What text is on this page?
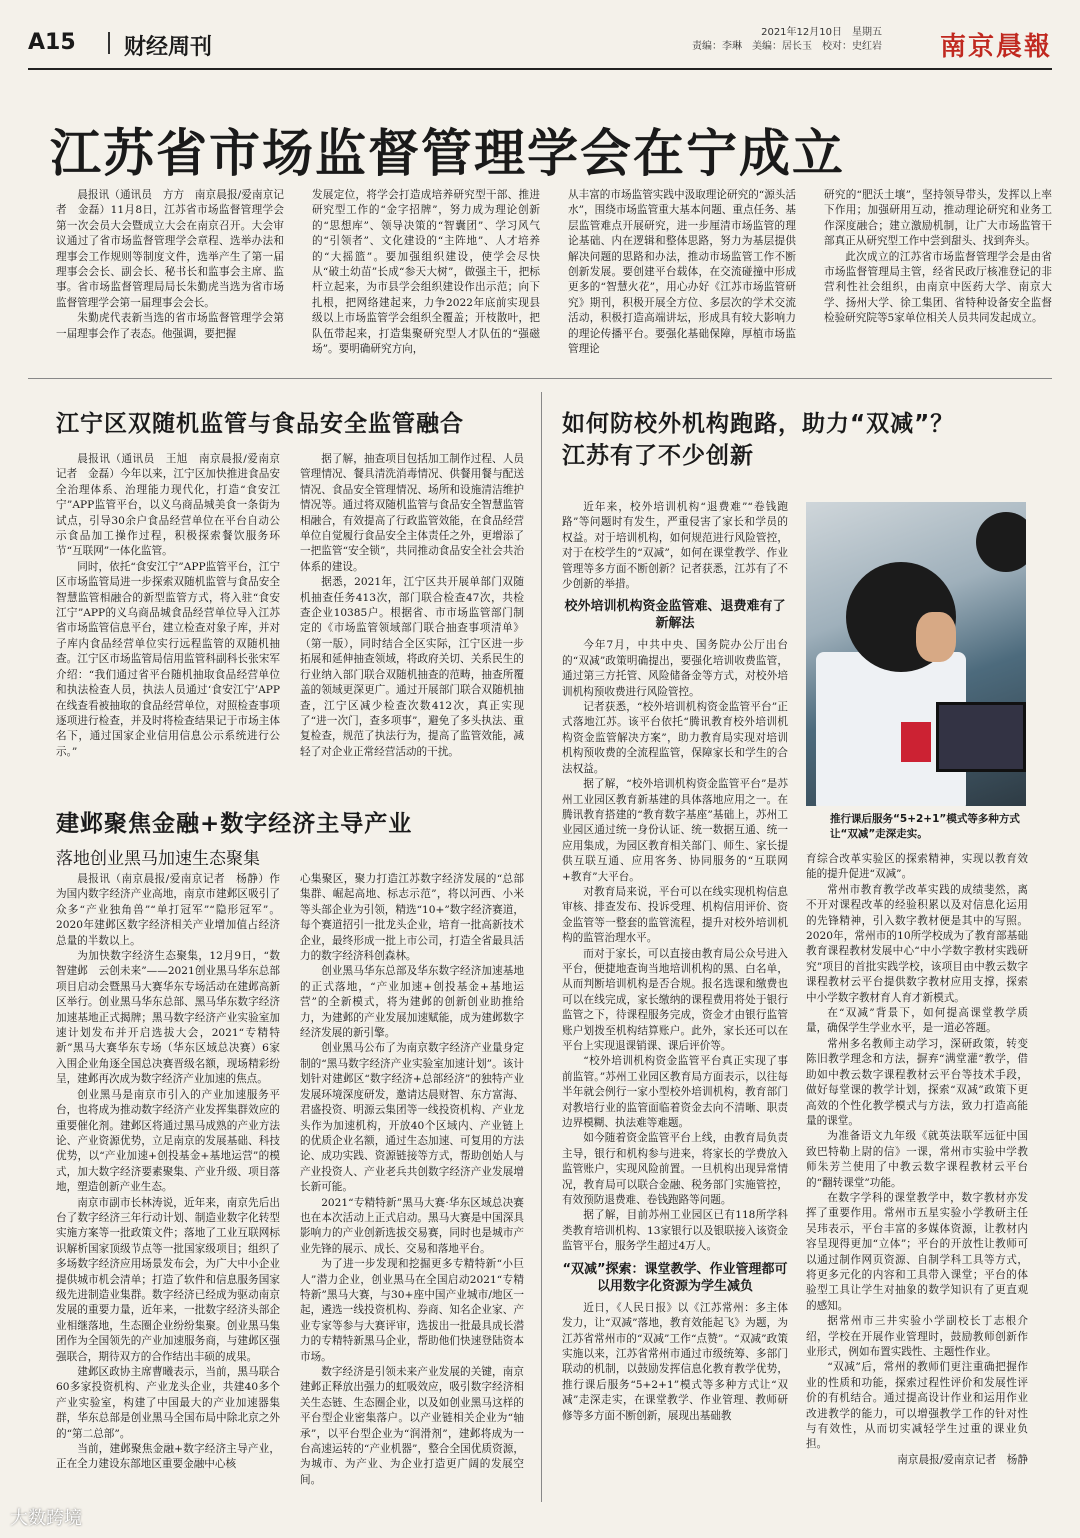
A15 财经周刊
2021年12月10日　星期五
责编：李琳　美编：居长玉　校对：史红岩 南京晨報
江苏省市场监督管理学会在宁成立

晨报讯（通讯员　方方　南京晨报/爱南京记者　金磊）11月8日，江苏省市场监督管理学会第一次会员大会暨成立大会在南京召开。大会审议通过了省市场监督管理学会章程、选举办法和理事会工作规则等制度文件，选举产生了第一届理事会会长、副会长、秘书长和监事会主席、监事。省市场监督管理局局长朱勤虎当选为省市场监督管理学会第一届理事会会长。

朱勤虎代表新当选的省市场监督管理学会第一届理事会作了表态。他强调，要把握

发展定位，将学会打造成培养研究型干部、推进研究型工作的“金字招牌”，努力成为理论创新的“思想库”、领导决策的“智囊团”、学习风气的“引领者”、文化建设的“主阵地”、人才培养的“大摇篮”。要加强组织建设，使学会尽快从“破土幼苗”长成“参天大树”，做强主干，把标杆立起来，为市县学会组织建设作出示范；向下扎根，把网络建起来，力争2022年底前实现县级以上市场监管学会组织全覆盖；开枝散叶，把队伍带起来，打造集聚研究型人才队伍的“强磁场”。要明确研究方向，

从丰富的市场监管实践中汲取理论研究的“源头活水”，围绕市场监管重大基本问题、重点任务、基层监管难点开展研究，进一步厘清市场监管的理论基础、内在逻辑和整体思路，努力为基层提供解决问题的思路和办法，推动市场监管工作不断创新发展。要创建平台载体，在交流碰撞中形成更多的“智慧火花”，用心办好《江苏市场监管研究》期刊，积极开展全方位、多层次的学术交流活动，积极打造高端讲坛，形成具有较大影响力的理论传播平台。要强化基础保障，厚植市场监管理论

研究的“肥沃土壤”，坚持领导带头，发挥以上率下作用；加强研用互动，推动理论研究和业务工作深度融合；建立激励机制，让广大市场监管干部真正从研究型工作中尝到甜头、找到奔头。

此次成立的江苏省市场监督管理学会是由省市场监督管理局主管，经省民政厅核准登记的非营利性社会组织，由南京中医药大学、南京大学、扬州大学、徐工集团、省特种设备安全监督检验研究院等5家单位相关人员共同发起成立。

江宁区双随机监管与食品安全监管融合

晨报讯（通讯员　王旭　南京晨报/爱南京记者　金磊）今年以来，江宁区加快推进食品安全治理体系、治理能力现代化，打造“食安江宁”APP监管平台，以义乌商品城美食一条街为试点，引导30余户食品经营单位在平台自动公示食品加工操作过程，积极探索餐饮服务环节“互联网”一体化监管。

同时，依托“食安江宁”APP监管平台，江宁区市场监管局进一步探索双随机监管与食品安全智慧监管相融合的新型监管方式，将入驻“食安江宁”APP的义乌商品城食品经营单位导入江苏省市场监管信息平台，建立检查对象子库，并对子库内食品经营单位实行远程监管的双随机抽查。江宁区市场监管局信用监管科副科长张宋军介绍：“我们通过省平台随机抽取食品经营单位和执法检查人员，执法人员通过‘食安江宁’APP在线查看被抽取的食品经营单位，对照检查事项逐项进行检查，并及时将检查结果记于市场主体名下，通过国家企业信用信息公示系统进行公示。”

据了解，抽查项目包括加工制作过程、人员管理情况、餐具清洗消毒情况、供餐用餐与配送情况、食品安全管理情况、场所和设施清洁维护情况等。通过将双随机监管与食品安全智慧监管相融合，有效提高了行政监管效能，在食品经营单位自觉履行食品安全主体责任之外，更增添了一把监管“安全锁”，共同推动食品安全社会共治体系的建设。

据悉，2021年，江宁区共开展单部门双随机抽查任务413次，部门联合检查47次，共检查企业10385户。根据省、市市场监管部门制定的《市场监管领域部门联合抽查事项清单》（第一版），同时结合全区实际，江宁区进一步拓展和延伸抽查领域，将政府关切、关系民生的行业纳入部门联合双随机抽查的范畴，抽查所覆盖的领域更深更广。通过开展部门联合双随机抽查，江宁区减少检查次数412次，真正实现了“进一次门，查多项事”，避免了多头执法、重复检查，规范了执法行为，提高了监管效能，减轻了对企业正常经营活动的干扰。

建邺聚焦金融+数字经济主导产业
落地创业黑马加速生态聚集

晨报讯（南京晨报/爱南京记者　杨静）作为国内数字经济产业高地，南京市建邺区吸引了众多“产业独角兽”“单打冠军”“隐形冠军”。2020年建邺区数字经济相关产业增加值占经济总量的半数以上。

为加快数字经济生态聚集，12月9日，“数智建邺　云创未来”——2021创业黑马华东总部项目启动会暨黑马大赛华东专场活动在建邺高新区举行。创业黑马华东总部、黑马华东数字经济加速基地正式揭牌；黑马数字经济产业实验室加速计划发布并开启选拔大会，2021“专精特新”黑马大赛华东专场（华东区域总决赛）6家入围企业角逐全国总决赛晋级名额，现场精彩纷呈，建邺再次成为数字经济产业加速的焦点。

创业黑马是南京市引入的产业加速服务平台，也将成为推动数字经济产业发挥集群效应的重要催化剂。建邺区将通过黑马成熟的产业方法论、产业资源优势，立足南京的发展基础、科技优势，以“产业加速+创投基金+基地运营”的模式，加大数字经济要素聚集、产业升级、项目落地，塑造创新产业生态。

南京市副市长林涛说，近年来，南京先后出台了数字经济三年行动计划、制造业数字化转型实施方案等一批政策文件；落地了工业互联网标识解析国家顶级节点等一批国家级项目；组织了多场数字经济应用场景发布会，为广大中小企业提供城市机会清单；打造了软件和信息服务国家级先进制造业集群。数字经济已经成为驱动南京发展的重要力量，近年来，一批数字经济头部企业相继落地，生态圈企业纷纷集聚。创业黑马集团作为全国领先的产业加速服务商，与建邺区强强联合，期待双方的合作结出丰硕的成果。

建邺区政协主席曹曦表示，当前，黑马联合60多家投资机构、产业龙头企业，共建40多个产业实验室，构建了中国最大的产业加速器集群，华东总部是创业黑马全国布局中除北京之外的“第二总部”。

当前，建邺聚焦金融+数字经济主导产业，正在全力建设东部地区重要金融中心核

心集聚区，聚力打造江苏数字经济发展的“总部集群、崛起高地、标志示范”，将以河西、小米等头部企业为引领，精选“10+”数字经济赛道，每个赛道招引一批龙头企业，培育一批高新技术企业，最终形成一批上市公司，打造全省最具活力的数字经济科创森林。

创业黑马华东总部及华东数字经济加速基地的正式落地，“产业加速+创投基金+基地运营”的全新模式，将为建邺的创新创业助推给力，为建邺的产业发展加速赋能，成为建邺数字经济发展的新引擎。

创业黑马公布了为南京数字经济产业量身定制的“黑马数字经济产业实验室加速计划”。该计划针对建邺区“数字经济+总部经济”的独特产业发展环境深度研发，邀请达晨财智、东方富海、君盛投资、明源云集团等一线投资机构、产业龙头作为加速机构，开放40个区域内、产业链上的优质企业名额，通过生态加速、可复用的方法论、成功实践、资源链接等方式，帮助创始人与产业投资人、产业老兵共创数字经济产业发展增长新可能。

2021“专精特新”黑马大赛·华东区域总决赛也在本次活动上正式启动。黑马大赛是中国深具影响力的产业创新选拔交易赛，同时也是城市产业先锋的展示、成长、交易和落地平台。

为了进一步发现和挖掘更多专精特新“小巨人”潜力企业，创业黑马在全国启动2021“专精特新”黑马大赛，与30+座中国产业城市/地区一起，遴选一线投资机构、券商、知名企业家、产业专家等参与大赛评审，选拔出一批最具成长潜力的专精特新黑马企业，帮助他们快速登陆资本市场。

数字经济是引领未来产业发展的关键，南京建邺正释放出强力的虹吸效应，吸引数字经济相关生态链、生态圈企业，以及如创业黑马这样的平台型企业密集落户。以产业链相关企业为“轴承”，以平台型企业为“润滑剂”，建邺将成为一台高速运转的“产业机器”，整合全国优质资源，为城市、为产业、为企业打造更广阔的发展空间。

如何防校外机构跑路，助力“双减”？
江苏有了不少创新

近年来，校外培训机构“退费难”“卷钱跑路”等问题时有发生，严重侵害了家长和学员的权益。对于培训机构，如何规范进行风险管控，对于在校学生的“双减”，如何在课堂教学、作业管理等多方面不断创新？记者获悉，江苏有了不少创新的举措。

校外培训机构资金监管难、退费难有了新解法

今年7月，中共中央、国务院办公厅出台的“双减”政策明确提出，要强化培训收费监管，通过第三方托管、风险储备金等方式，对校外培训机构预收费进行风险管控。

记者获悉，“校外培训机构资金监管平台”正式落地江苏。该平台依托“腾讯教育校外培训机构资金监管解决方案”，助力教育局实现对培训机构预收费的全流程监管，保障家长和学生的合法权益。

据了解，“校外培训机构资金监管平台”是苏州工业园区教育新基建的具体落地应用之一。在腾讯教育搭建的“教育数字基座”基础上，苏州工业园区通过统一身份认证、统一数据互通、统一应用集成，为园区教育相关部门、师生、家长提供互联互通、应用客务、协同服务的“互联网+教育”大平台。

对教育局来说，平台可以在线实现机构信息审核、排查发布、投诉受理、机构信用评价、资金监管等一整套的监管流程，提升对校外培训机构的监管治理水平。

而对于家长，可以直接由教育局公众号进入平台，便捷地查询当地培训机构的黑、白名单，从而判断培训机构是否合规。报名选课和缴费也可以在线完成，家长缴纳的课程费用将处于银行监管之下，待课程服务完成，资金才由银行监管账户划拨至机构结算账户。此外，家长还可以在平台上实现退课销课、课后评价等。

“校外培训机构资金监管平台真正实现了事前监管。”苏州工业园区教育局方面表示，以往每半年就会例行一家小型校外培训机构，教育部门对教培行业的监管面临着资金去向不清晰、职责边界模糊、执法难等难题。

如今随着资金监管平台上线，由教育局负责主导，银行和机构参与进来，将家长的学费放入监管账户，实现风险前置。一旦机构出现异常情况，教育局可以联合金融、税务部门实施管控，有效预防退费难、卷钱跑路等问题。

据了解，目前苏州工业园区已有118所学科类教育培训机构、13家银行以及银联接入该资金监管平台，服务学生超过4万人。

“双减”探索：课堂教学、作业管理都可以用数字化资源为学生减负

近日，《人民日报》以《江苏常州：多主体发力，让“双减”落地，教育效能起飞》为题，为江苏省常州市的“双减”工作“点赞”。“双减”政策实施以来，江苏省常州市通过市级统筹、多部门联动的机制，以鼓励发挥信息化教育教学优势，推行课后服务“5+2+1”模式等多种方式让“双减”走深走实，在课堂教学、作业管理、教师研修等多方面不断创新，展现出基础教

推行课后服务“5+2+1”模式等多种方式让“双减”走深走实。

育综合改革实验区的探索精神，实现以教育效能的提升促进“双减”。

常州市教育教学改革实践的成绩斐然，离不开对课程改革的经验积累以及对信息化运用的先锋精神，引入数字教材便是其中的写照。2020年，常州市的10所学校成为了教育部基础教育课程教材发展中心“中小学数字教材实践研究”项目的首批实践学校，该项目由中教云数字课程教材云平台提供数字教材应用支撑，探索中小学数字教材育人育才新模式。

在“双减”背景下，如何提高课堂教学质量，确保学生学业水平，是一道必答题。

常州多名教师主动学习，深研政策，转变陈旧教学理念和方法，摒弃“满堂灌”教学，借助如中教云数字课程教材云平台等技术手段，做好每堂课的教学计划，探索“双减”政策下更高效的个性化教学模式与方法，致力打造高能量的课堂。

为准备语文九年级《就英法联军远征中国致巴特勒上尉的信》一课，常州市实验中学教师朱芳兰使用了中教云数字课程教材云平台的“翻转课堂”功能。

在数字学科的课堂教学中，数字教材亦发挥了重要作用。常州市五星实验小学教研主任吴玮表示，平台丰富的多媒体资源，让教材内容呈现得更加“立体”；平台的开放性让教师可以通过制作网页资源、自制学科工具等方式，将更多元化的内容和工具带入课堂；平台的体验型工具让学生对抽象的数学知识有了更直观的感知。

据常州市三井实验小学副校长丁志根介绍，学校在开展作业管理时，鼓励教师创新作业形式，例如布置实践性、主题性作业。

“双减”后，常州的教师们更注重确把握作业的性质和功能，探索过程性评价和发展性评价的有机结合。通过提高设计作业和运用作业改进教学的能力，可以增强教学工作的针对性与有效性，从而切实减轻学生过重的课业负担。

南京晨报/爱南京记者　杨静

大数跨境
